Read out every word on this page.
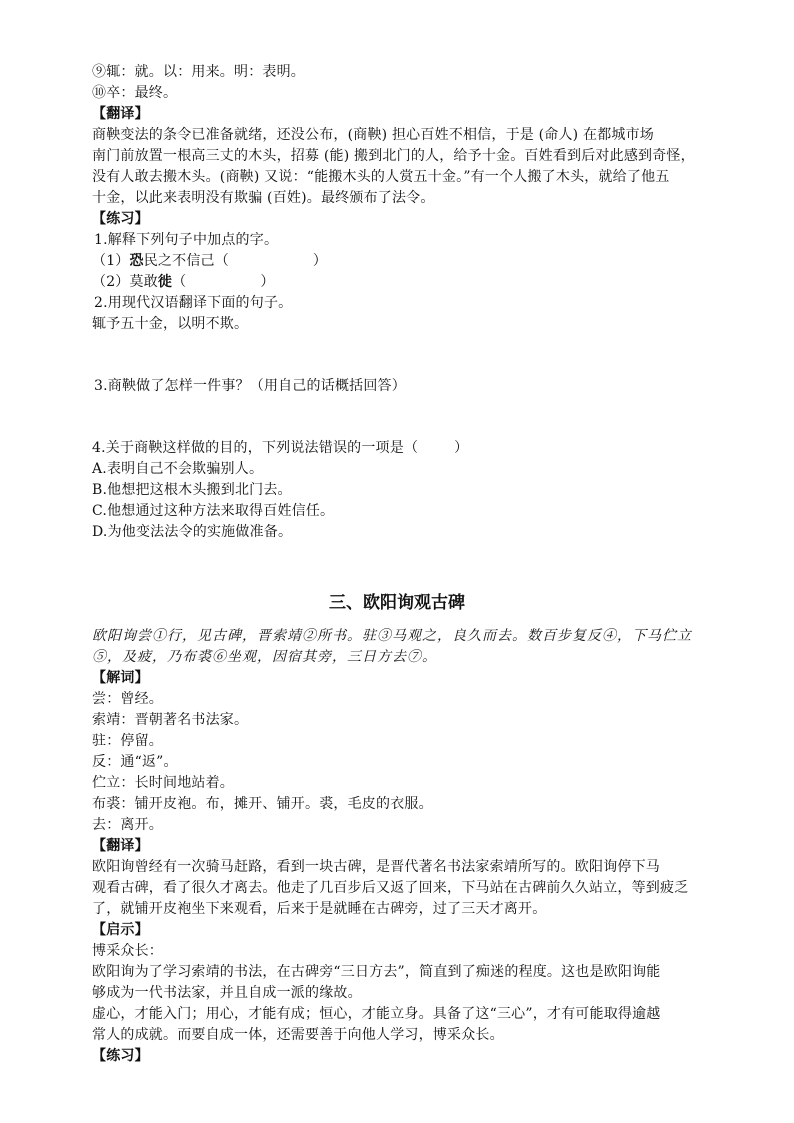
⑨辄：就。以：用来。明：表明。
⑩卒：最终。
【翻译】
商鞅变法的条令已准备就绪，还没公布，(商鞅) 担心百姓不相信，于是 (命人) 在都城市场
南门前放置一根高三丈的木头，招募 (能) 搬到北门的人，给予十金。百姓看到后对此感到奇怪，
没有人敢去搬木头。(商鞅) 又说：“能搬木头的人赏五十金。”有一个人搬了木头，就给了他五
十金，以此来表明没有欺骗 (百姓)。最终颁布了法令。
【练习】
1.解释下列句子中加点的字。
（1）恐民之不信己（	）
（2）莫敢徙（	）
2.用现代汉语翻译下面的句子。
辄予五十金，以明不欺。
3.商鞅做了怎样一件事？（用自己的话概括回答）
4.关于商鞅这样做的目的，下列说法错误的一项是（	）
A.表明自己不会欺骗别人。
B.他想把这根木头搬到北门去。
C.他想通过这种方法来取得百姓信任。
D.为他变法法令的实施做准备。
三、欧阳询观古碑
欧阳询尝①行，见古碑，晋索靖②所书。驻③马观之，良久而去。数百步复反④，下马伫立
⑤，及疲，乃布裘⑥坐观，因宿其旁，三日方去⑦。
【解词】
尝：曾经。
索靖：晋朝著名书法家。
驻：停留。
反：通“返”。
伫立：长时间地站着。
布裘：铺开皮袍。布，摊开、铺开。裘，毛皮的衣服。
去：离开。
【翻译】
欧阳询曾经有一次骑马赶路，看到一块古碑，是晋代著名书法家索靖所写的。欧阳询停下马
观看古碑，看了很久才离去。他走了几百步后又返了回来，下马站在古碑前久久站立，等到疲乏
了，就铺开皮袍坐下来观看，后来于是就睡在古碑旁，过了三天才离开。
【启示】
博采众长：
欧阳询为了学习索靖的书法，在古碑旁“三日方去”，简直到了痴迷的程度。这也是欧阳询能
够成为一代书法家，并且自成一派的缘故。
虚心，才能入门；用心，才能有成；恒心，才能立身。具备了这“三心”，才有可能取得逾越
常人的成就。而要自成一体，还需要善于向他人学习，博采众长。
【练习】
